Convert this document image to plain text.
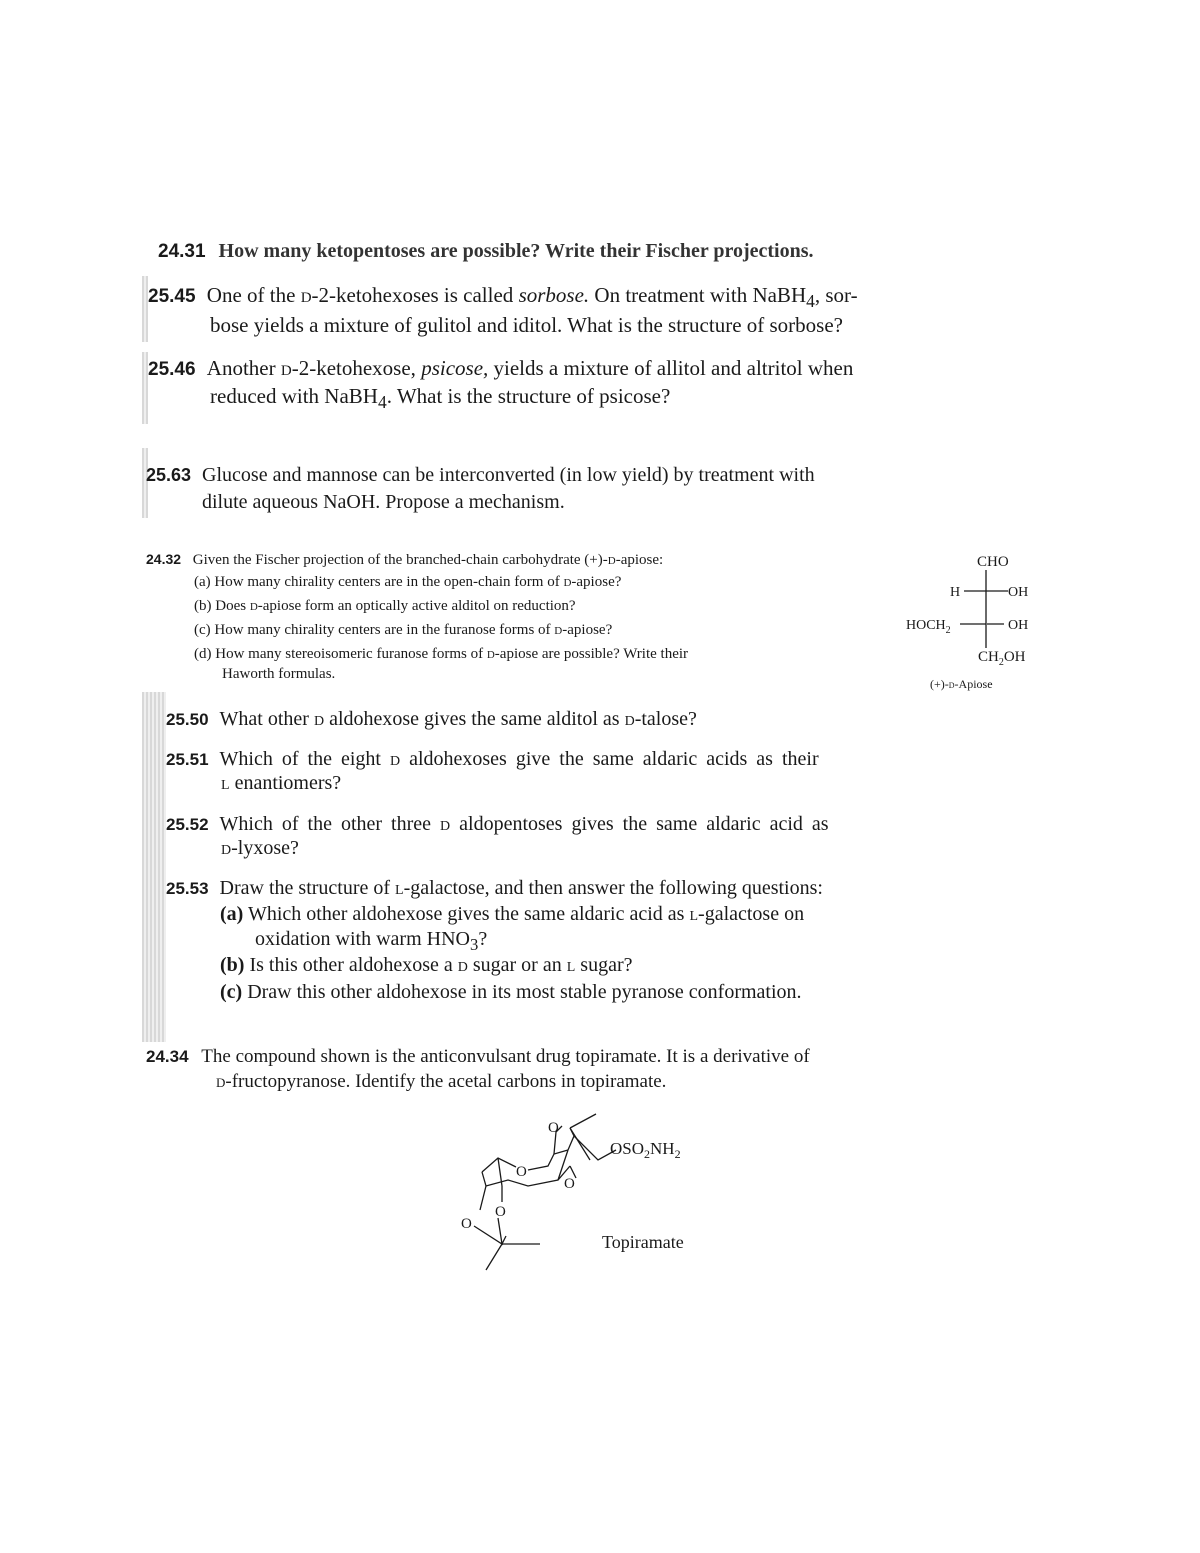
24.31 How many ketopentoses are possible? Write their Fischer projections.
25.45 One of the d-2-ketohexoses is called sorbose. On treatment with NaBH$_4$, sor-
bose yields a mixture of gulitol and iditol. What is the structure of sorbose?
25.46 Another d-2-ketohexose, psicose, yields a mixture of allitol and altritol when
reduced with NaBH$_4$. What is the structure of psicose?
25.63 Glucose and mannose can be interconverted (in low yield) by treatment with
dilute aqueous NaOH. Propose a mechanism.
24.32 Given the Fischer projection of the branched-chain carbohydrate (+)-d-apiose:
(a) How many chirality centers are in the open-chain form of d-apiose?
(b) Does d-apiose form an optically active alditol on reduction?
(c) How many chirality centers are in the furanose forms of d-apiose?
(d) How many stereoisomeric furanose forms of d-apiose are possible? Write their
Haworth formulas.
CHO
H	OH
$HOCH_2$	OH
$CH_2OH$
(+)-d-Apiose
25.50 What other d aldohexose gives the same alditol as d-talose?
25.51 Which of the eight d aldohexoses give the same aldaric acids as their
l enantiomers?
25.52 Which of the other three d aldopentoses gives the same aldaric acid as
d-lyxose?
25.53 Draw the structure of l-galactose, and then answer the following questions:
(a) Which other aldohexose gives the same aldaric acid as l-galactose on
oxidation with warm $HNO_3$?
(b) Is this other aldohexose a d sugar or an l sugar?
(c) Draw this other aldohexose in its most stable pyranose conformation.
24.34 The compound shown is the anticonvulsant drug topiramate. It is a derivative of
d-fructopyranose. Identify the acetal carbons in topiramate.
O
O
O
O
O
$OSO_2NH_2$
Topiramate
